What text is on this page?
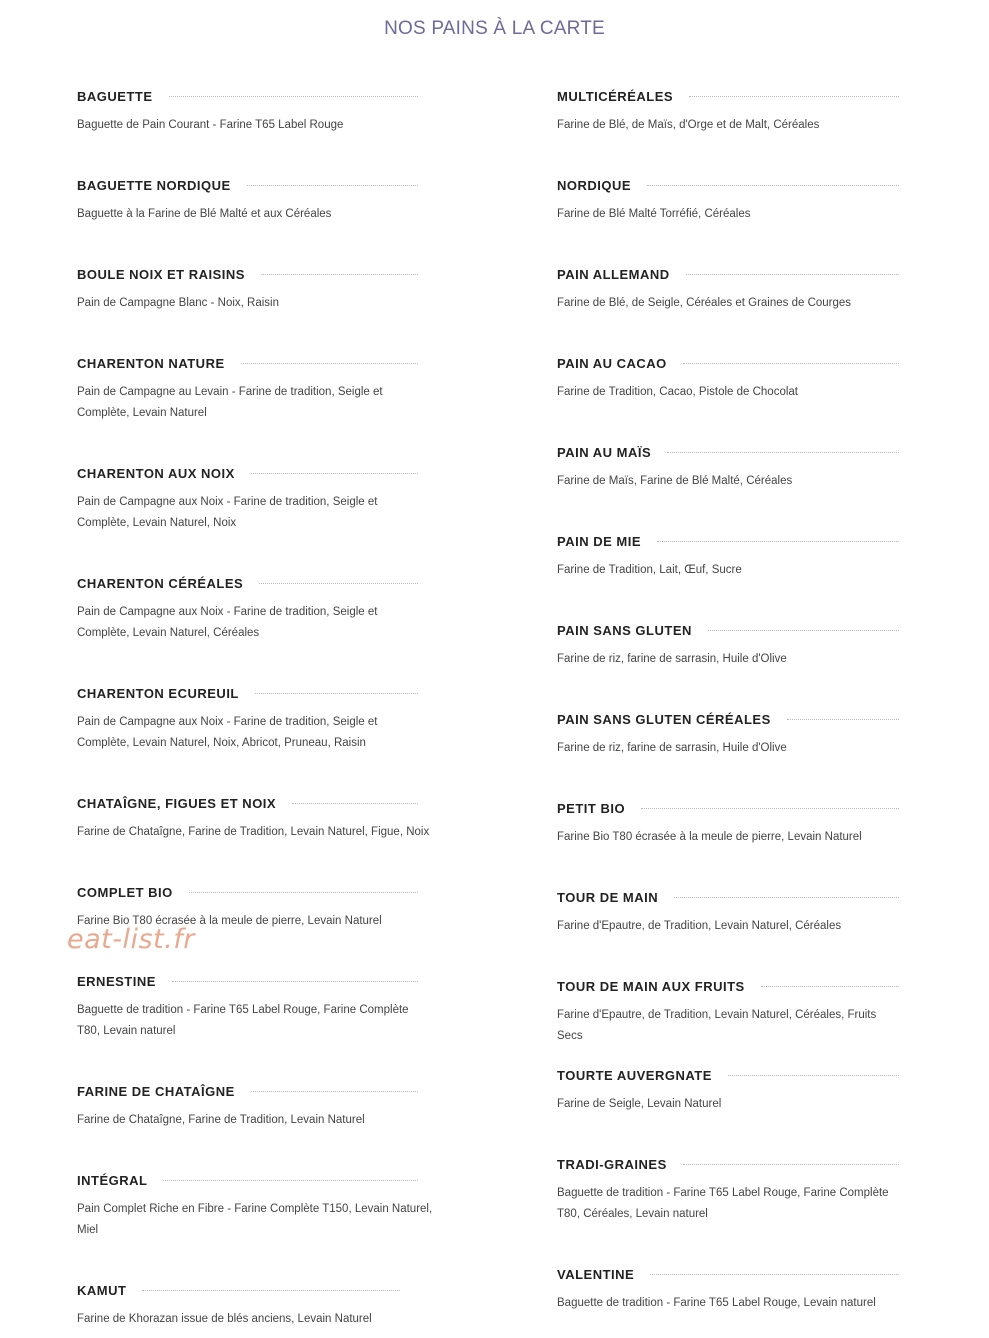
NOS PAINS À LA CARTE
BAGUETTE
Baguette de Pain Courant - Farine T65 Label Rouge
BAGUETTE NORDIQUE
Baguette à la Farine de Blé Malté et aux Céréales
BOULE NOIX ET RAISINS
Pain de Campagne Blanc - Noix, Raisin
CHARENTON NATURE
Pain de Campagne au Levain - Farine de tradition, Seigle et Complète, Levain Naturel
CHARENTON AUX NOIX
Pain de Campagne aux Noix - Farine de tradition, Seigle et Complète, Levain Naturel, Noix
CHARENTON CÉRÉALES
Pain de Campagne aux Noix - Farine de tradition, Seigle et Complète, Levain Naturel, Céréales
CHARENTON ECUREUIL
Pain de Campagne aux Noix - Farine de tradition, Seigle et Complète, Levain Naturel, Noix, Abricot, Pruneau, Raisin
CHATAÎGNE, FIGUES ET NOIX
Farine de Chataîgne, Farine de Tradition, Levain Naturel, Figue, Noix
COMPLET BIO
Farine Bio T80 écrasée à la meule de pierre, Levain Naturel
ERNESTINE
Baguette de tradition - Farine T65 Label Rouge, Farine Complète T80, Levain naturel
FARINE DE CHATAÎGNE
Farine de Chataîgne, Farine de Tradition, Levain Naturel
INTÉGRAL
Pain Complet Riche en Fibre - Farine Complète T150, Levain Naturel, Miel
KAMUT
Farine de Khorazan issue de blés anciens, Levain Naturel
MULTICÉRÉALES
Farine de Blé, de Maïs, d'Orge et de Malt, Céréales
NORDIQUE
Farine de Blé Malté Torréfié, Céréales
PAIN ALLEMAND
Farine de Blé, de Seigle, Céréales et Graines de Courges
PAIN AU CACAO
Farine de Tradition, Cacao, Pistole de Chocolat
PAIN AU MAÏS
Farine de Maïs, Farine de Blé Malté, Céréales
PAIN DE MIE
Farine de Tradition, Lait, Œuf, Sucre
PAIN SANS GLUTEN
Farine de riz, farine de sarrasin, Huile d'Olive
PAIN SANS GLUTEN CÉRÉALES
Farine de riz, farine de sarrasin, Huile d'Olive
PETIT BIO
Farine Bio T80 écrasée à la meule de pierre, Levain Naturel
TOUR DE MAIN
Farine d'Epautre, de Tradition, Levain Naturel, Céréales
TOUR DE MAIN AUX FRUITS
Farine d'Epautre, de Tradition, Levain Naturel, Céréales, Fruits Secs
TOURTE AUVERGNATE
Farine de Seigle, Levain Naturel
TRADI-GRAINES
Baguette de tradition - Farine T65 Label Rouge, Farine Complète T80, Céréales, Levain naturel
VALENTINE
Baguette de tradition - Farine T65 Label Rouge, Levain naturel
eat-list.fr
